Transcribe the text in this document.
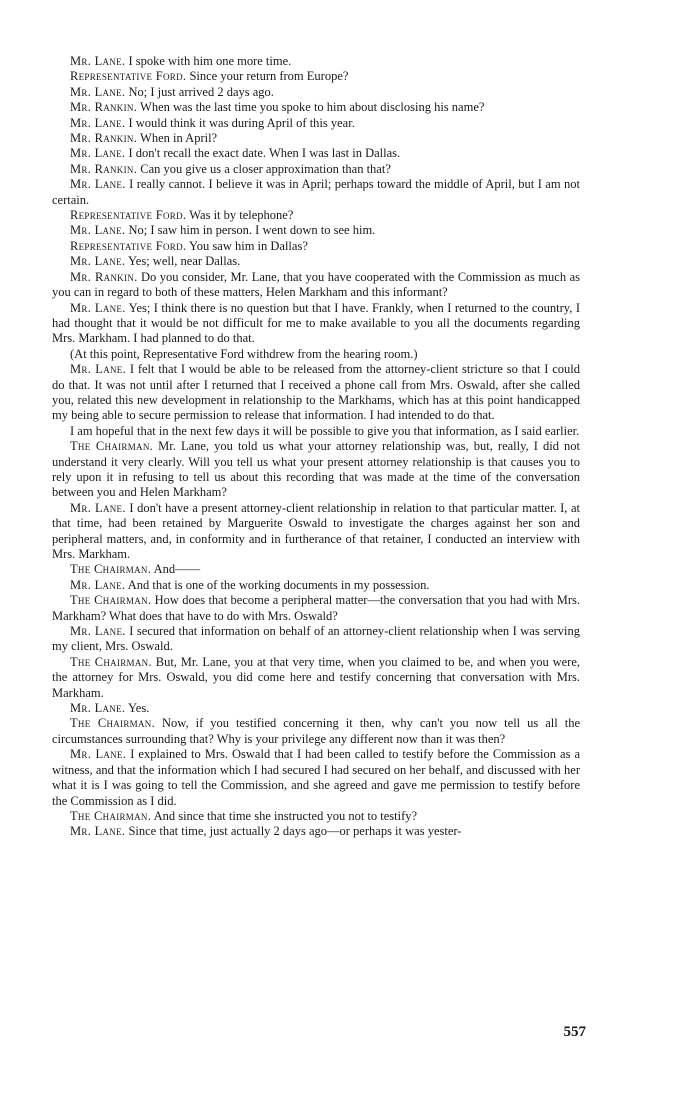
Mr. Lane. I spoke with him one more time.

Representative Ford. Since your return from Europe?

Mr. Lane. No; I just arrived 2 days ago.

Mr. Rankin. When was the last time you spoke to him about disclosing his name?

Mr. Lane. I would think it was during April of this year.

Mr. Rankin. When in April?

Mr. Lane. I don't recall the exact date. When I was last in Dallas.

Mr. Rankin. Can you give us a closer approximation than that?

Mr. Lane. I really cannot. I believe it was in April; perhaps toward the middle of April, but I am not certain.

Representative Ford. Was it by telephone?

Mr. Lane. No; I saw him in person. I went down to see him.

Representative Ford. You saw him in Dallas?

Mr. Lane. Yes; well, near Dallas.

Mr. Rankin. Do you consider, Mr. Lane, that you have cooperated with the Commission as much as you can in regard to both of these matters, Helen Markham and this informant?

Mr. Lane. Yes; I think there is no question but that I have. Frankly, when I returned to the country, I had thought that it would be not difficult for me to make available to you all the documents regarding Mrs. Markham. I had planned to do that.

(At this point, Representative Ford withdrew from the hearing room.)

Mr. Lane. I felt that I would be able to be released from the attorney-client stricture so that I could do that. It was not until after I returned that I received a phone call from Mrs. Oswald, after she called you, related this new development in relationship to the Markhams, which has at this point handicapped my being able to secure permission to release that information. I had intended to do that.

I am hopeful that in the next few days it will be possible to give you that information, as I said earlier.

The Chairman. Mr. Lane, you told us what your attorney relationship was, but, really, I did not understand it very clearly. Will you tell us what your present attorney relationship is that causes you to rely upon it in refusing to tell us about this recording that was made at the time of the conversation between you and Helen Markham?

Mr. Lane. I don't have a present attorney-client relationship in relation to that particular matter. I, at that time, had been retained by Marguerite Oswald to investigate the charges against her son and peripheral matters, and, in conformity and in furtherance of that retainer, I conducted an interview with Mrs. Markham.

The Chairman. And——

Mr. Lane. And that is one of the working documents in my possession.

The Chairman. How does that become a peripheral matter—the conversation that you had with Mrs. Markham? What does that have to do with Mrs. Oswald?

Mr. Lane. I secured that information on behalf of an attorney-client relationship when I was serving my client, Mrs. Oswald.

The Chairman. But, Mr. Lane, you at that very time, when you claimed to be, and when you were, the attorney for Mrs. Oswald, you did come here and testify concerning that conversation with Mrs. Markham.

Mr. Lane. Yes.

The Chairman. Now, if you testified concerning it then, why can't you now tell us all the circumstances surrounding that? Why is your privilege any different now than it was then?

Mr. Lane. I explained to Mrs. Oswald that I had been called to testify before the Commission as a witness, and that the information which I had secured I had secured on her behalf, and discussed with her what it is I was going to tell the Commission, and she agreed and gave me permission to testify before the Commission as I did.

The Chairman. And since that time she instructed you not to testify?

Mr. Lane. Since that time, just actually 2 days ago—or perhaps it was yester-

557
